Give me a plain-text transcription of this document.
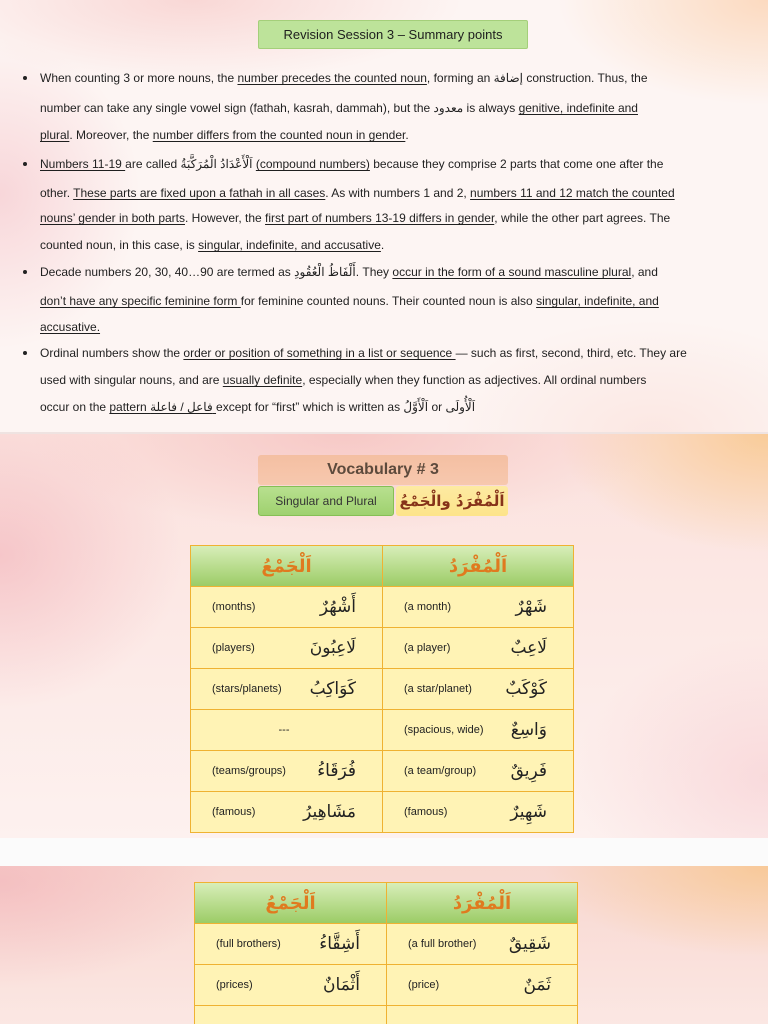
Revision Session 3 – Summary points
When counting 3 or more nouns, the number precedes the counted noun, forming an إضافة construction. Thus, the
number can take any single vowel sign (fathah, kasrah, dammah), but the معدود is always genitive, indefinite and
plural. Moreover, the number differs from the counted noun in gender.
Numbers 11-19 are called اَلْأَعْدَادُ الْمُرَكَّبَةُ (compound numbers) because they comprise 2 parts that come one after the
other. These parts are fixed upon a fathah in all cases. As with numbers 1 and 2, numbers 11 and 12 match the counted
nouns’ gender in both parts. However, the first part of numbers 13-19 differs in gender, while the other part agrees. The
counted noun, in this case, is singular, indefinite, and accusative.
Decade numbers 20, 30, 40…90 are termed as أَلْفَاظُ الْعُقُودِ. They occur in the form of a sound masculine plural, and
don’t have any specific feminine form for feminine counted nouns. Their counted noun is also singular, indefinite, and
accusative.
Ordinal numbers show the order or position of something in a list or sequence — such as first, second, third, etc. They are
used with singular nouns, and are usually definite, especially when they function as adjectives. All ordinal numbers
occur on the pattern فاعل / فاعلة except for “first” which is written as اَلْأَوَّلُ or اَلْأُولَى
Vocabulary # 3
Singular and Plural	اَلْمُفْرَدُ والْجَمْعُ
اَلْجَمْعُ	اَلْمُفْرَدُ
(months)	أَشْهُرٌ	(a month)	شَهْرٌ
(players)	لَاعِبُونَ	(a player)	لَاعِبٌ
(stars/planets) كَوَاكِبُ	(a star/planet) كَوْكَبٌ
---	(spacious, wide) وَاسِعٌ
(teams/groups) فُرَقَاءُ	(a team/group) فَرِيقٌ
(famous)	مَشَاهِيرُ	(famous)	شَهِيرٌ
اَلْجَمْعُ	اَلْمُفْرَدُ
(full brothers) أَشِقَّاءُ	(a full brother) شَقِيقٌ
(prices)	أَثْمَانٌ	(price)	ثَمَنٌ
